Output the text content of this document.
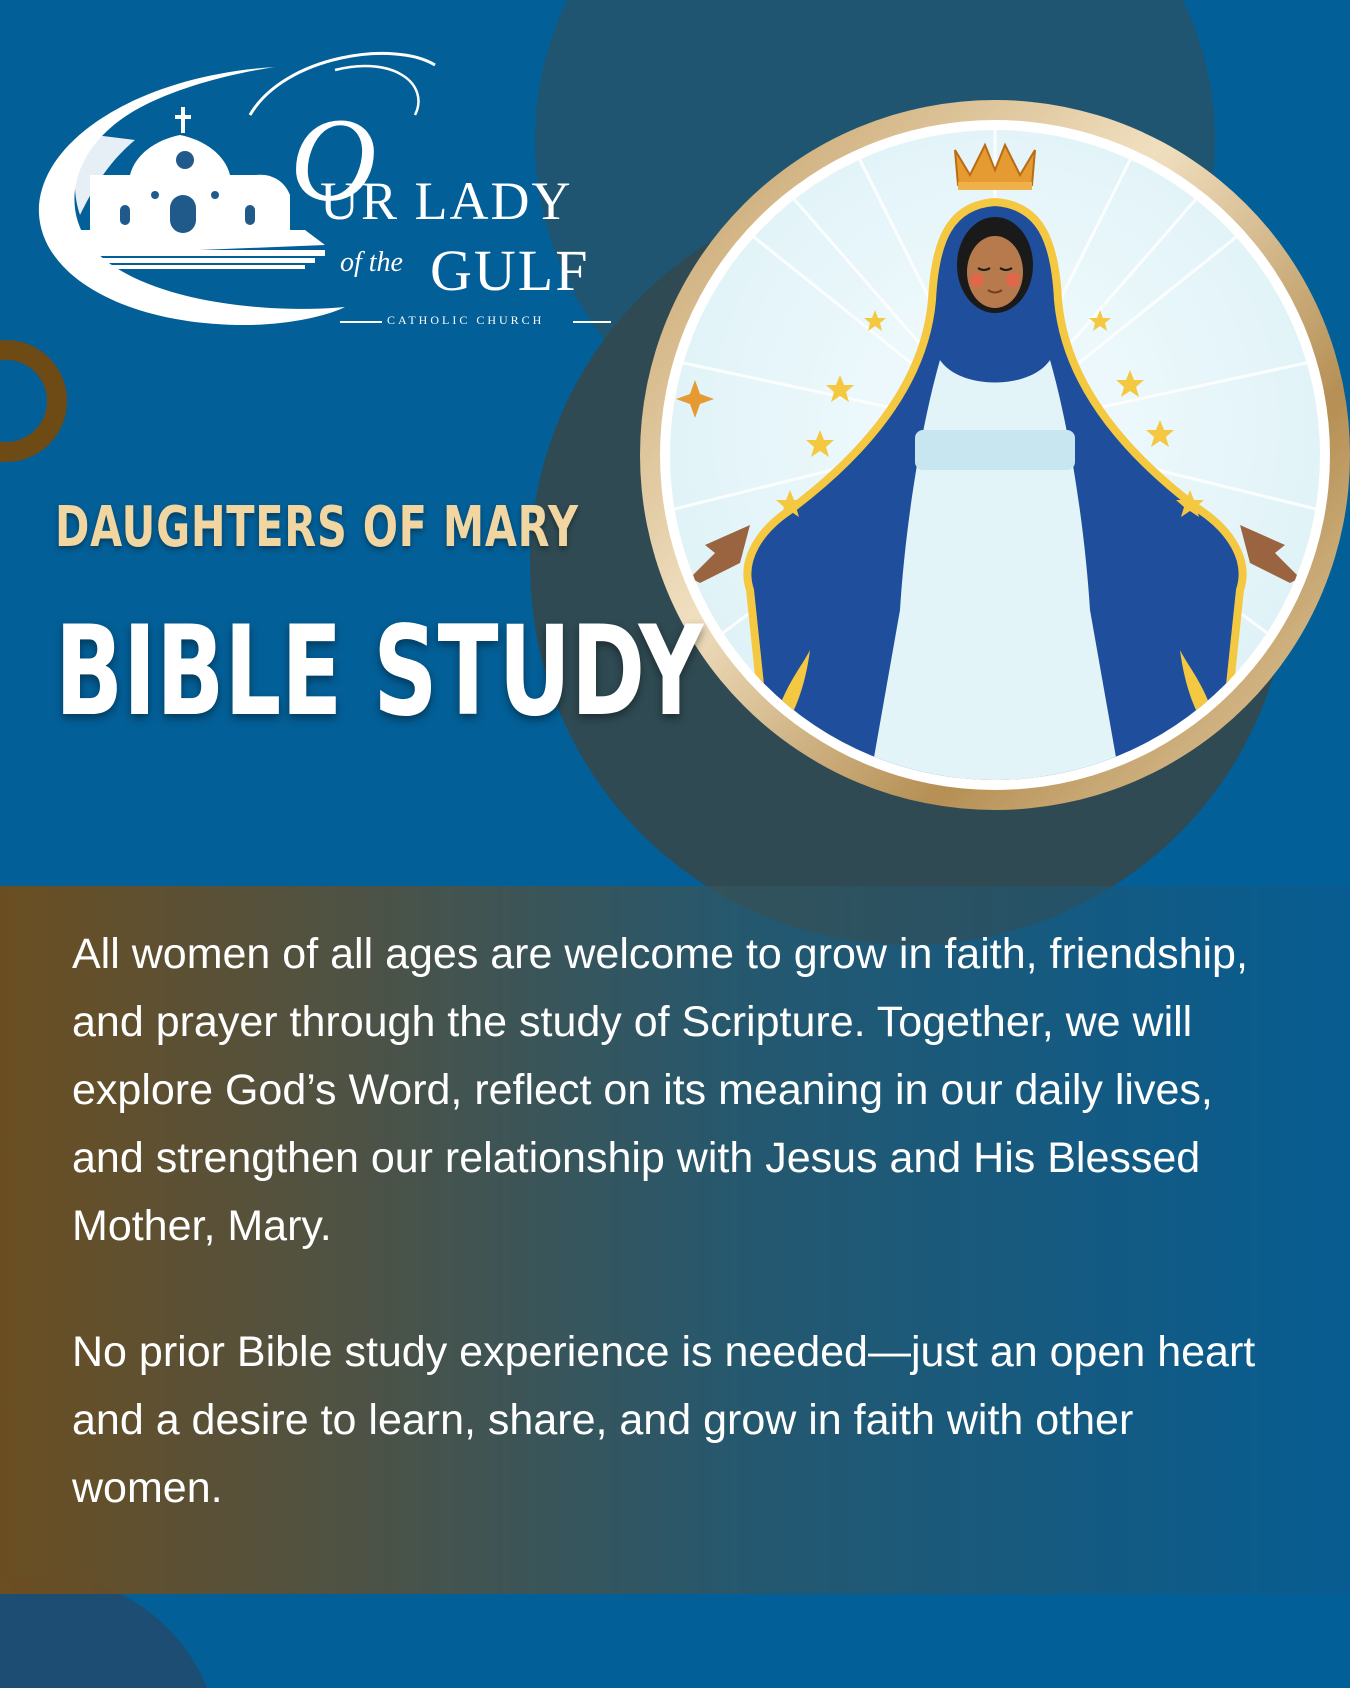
O
UR LADY
of the GULF
CATHOLIC CHURCH
DAUGHTERS OF MARY
BIBLE STUDY

All women of all ages are welcome to grow in faith, friendship, and prayer through the study of Scripture. Together, we will explore God’s Word, reflect on its meaning in our daily lives, and strengthen our relationship with Jesus and His Blessed Mother, Mary.

No prior Bible study experience is needed—just an open heart and a desire to learn, share, and grow in faith with other women.
